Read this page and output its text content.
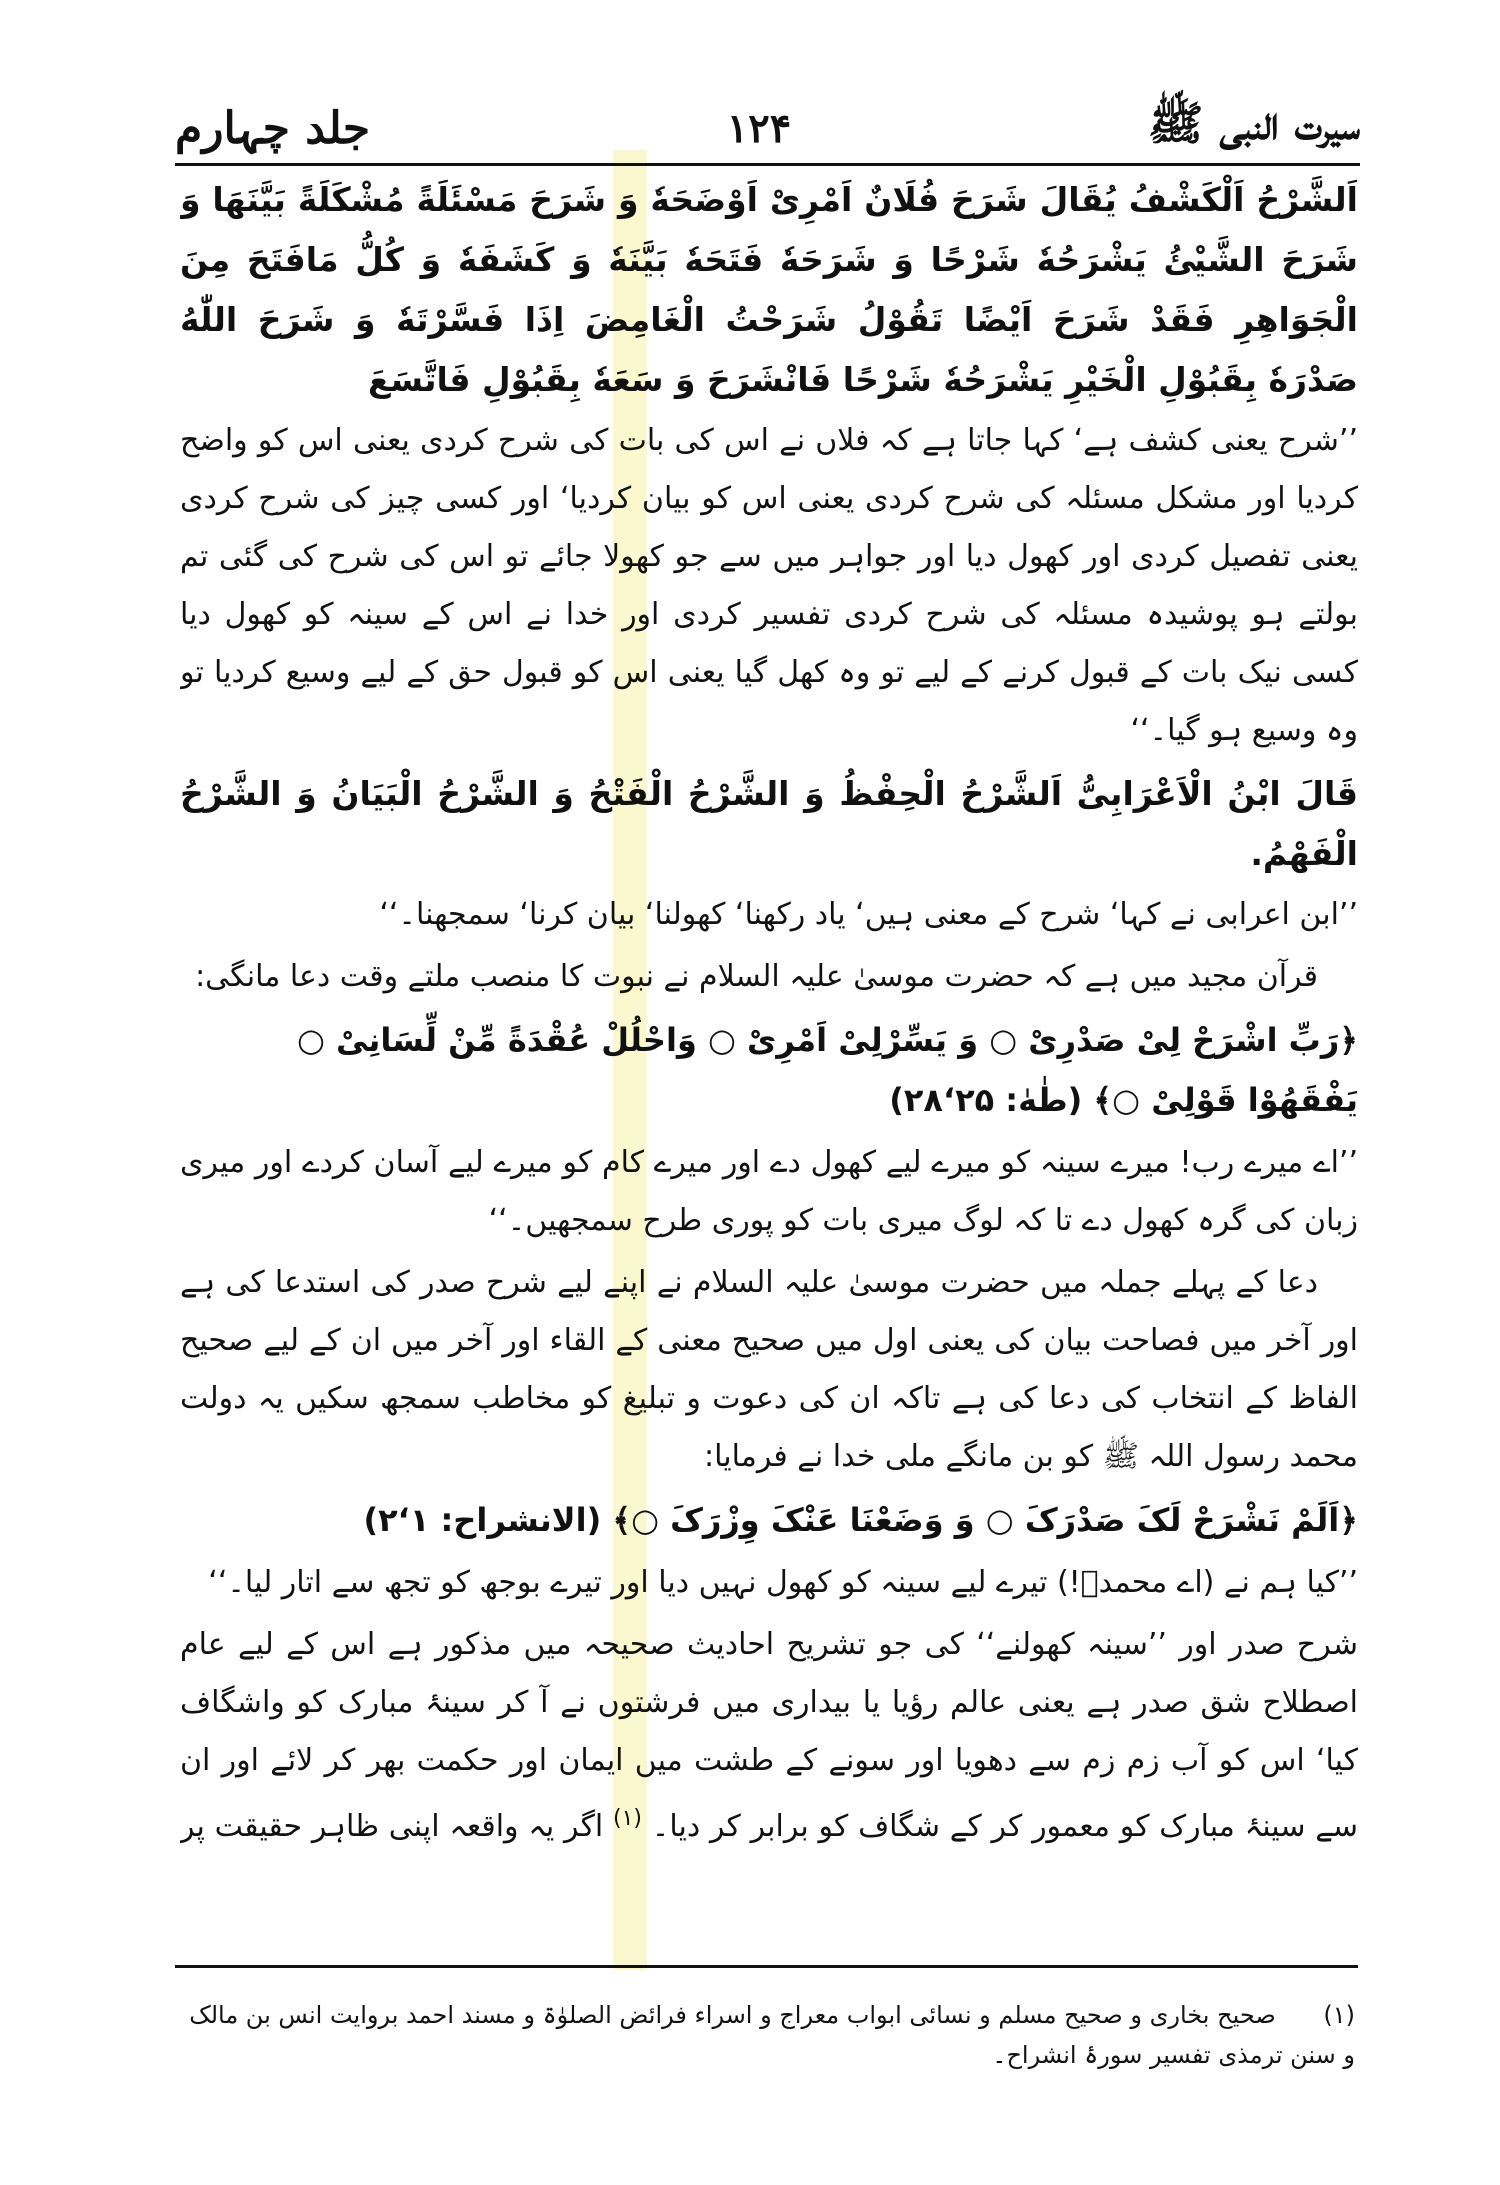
سیرت النبی ﷺ
۱۲۴
جلد چہارم

اَلشَّرْحُ اَلْکَشْفُ یُقَالَ شَرَحَ فُلَانٌ اَمْرِیْ اَوْضَحَهٗ وَ شَرَحَ مَسْئَلَةً مُشْکَلَةً بَیَّنَهَا وَ شَرَحَ الشَّیْئُ یَشْرَحُهٗ شَرْحًا وَ شَرَحَهٗ فَتَحَهٗ بَیَّنَهٗ وَ کَشَفَهٗ وَ کُلُّ مَافَتَحَ مِنَ الْجَوَاهِرِ فَقَدْ شَرَحَ اَیْضًا تَقُوْلُ شَرَحْتُ الْغَامِضَ اِذَا فَسَّرْتَهٗ وَ شَرَحَ اللّٰهُ صَدْرَهٗ بِقَبُوْلِ الْخَیْرِ یَشْرَحُهٗ شَرْحًا فَانْشَرَحَ وَ سَعَهٗ بِقَبُوْلِ فَاتَّسَعَ

’’شرح یعنی کشف ہے‘ کہا جاتا ہے کہ فلاں نے اس کی بات کی شرح کردی یعنی اس کو واضح کردیا اور مشکل مسئلہ کی شرح کردی یعنی اس کو بیان کردیا‘ اور کسی چیز کی شرح کردی یعنی تفصیل کردی اور کھول دیا اور جواہر میں سے جو کھولا جائے تو اس کی شرح کی گئی تم بولتے ہو پوشیدہ مسئلہ کی شرح کردی تفسیر کردی اور خدا نے اس کے سینہ کو کھول دیا کسی نیک بات کے قبول کرنے کے لیے تو وہ کھل گیا یعنی اس کو قبول حق کے لیے وسیع کردیا تو وہ وسیع ہو گیا۔‘‘

قَالَ ابْنُ الْاَعْرَابِیُّ اَلشَّرْحُ الْحِفْظُ وَ الشَّرْحُ الْفَتْحُ وَ الشَّرْحُ الْبَیَانُ وَ الشَّرْحُ الْفَهْمُ.

’’ابن اعرابی نے کہا‘ شرح کے معنی ہیں‘ یاد رکھنا‘ کھولنا‘ بیان کرنا‘ سمجھنا۔‘‘

قرآن مجید میں ہے کہ حضرت موسیٰ علیہ السلام نے نبوت کا منصب ملتے وقت دعا مانگی:

﴿رَبِّ اشْرَحْ لِیْ صَدْرِیْ ○ وَ یَسِّرْلِیْ اَمْرِیْ ○ وَاحْلُلْ عُقْدَةً مِّنْ لِّسَانِیْ ○ یَفْقَهُوْا قَوْلِیْ ○﴾ (طٰهٰ: ۲۵‘۲۸)

’’اے میرے رب! میرے سینہ کو میرے لیے کھول دے اور میرے کام کو میرے لیے آسان کردے اور میری زبان کی گرہ کھول دے تا کہ لوگ میری بات کو پوری طرح سمجھیں۔‘‘

دعا کے پہلے جملہ میں حضرت موسیٰ علیہ السلام نے اپنے لیے شرح صدر کی استدعا کی ہے اور آخر میں فصاحت بیان کی یعنی اول میں صحیح معنی کے القاء اور آخر میں ان کے لیے صحیح الفاظ کے انتخاب کی دعا کی ہے تاکہ ان کی دعوت و تبلیغ کو مخاطب سمجھ سکیں یہ دولت محمد رسول اللہ ﷺ کو بن مانگے ملی خدا نے فرمایا:

﴿اَلَمْ نَشْرَحْ لَکَ صَدْرَکَ ○ وَ وَضَعْنَا عَنْکَ وِزْرَکَ ○﴾ (الانشراح: ۱‘۲)

’’کیا ہم نے (اے محمدؐ!) تیرے لیے سینہ کو کھول نہیں دیا اور تیرے بوجھ کو تجھ سے اتار لیا۔‘‘

شرح صدر اور ’’سینہ کھولنے‘‘ کی جو تشریح احادیث صحیحہ میں مذکور ہے اس کے لیے عام اصطلاح شق صدر ہے یعنی عالم رؤیا یا بیداری میں فرشتوں نے آ کر سینۂ مبارک کو واشگاف کیا‘ اس کو آب زم زم سے دھویا اور سونے کے طشت میں ایمان اور حکمت بھر کر لائے اور ان سے سینۂ مبارک کو معمور کر کے شگاف کو برابر کر دیا۔ $^{(۱)}$ اگر یہ واقعہ اپنی ظاہر حقیقت پر

(۱) صحیح بخاری و صحیح مسلم و نسائی ابواب معراج و اسراء فرائض الصلوٰۃ و مسند احمد بروایت انس بن مالک و سنن ترمذی تفسیر سورۂ انشراح۔
